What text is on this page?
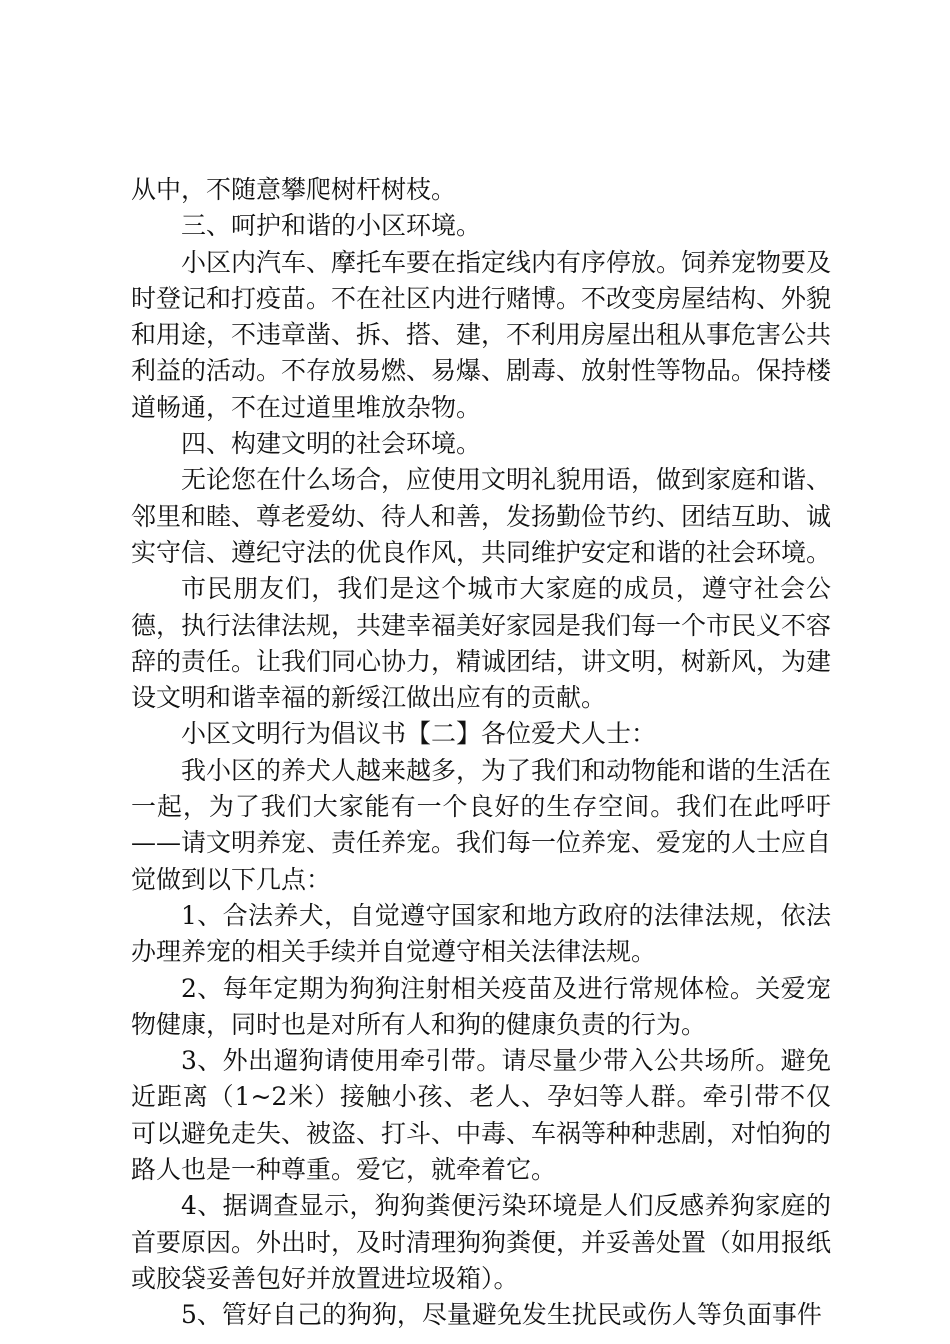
从中，不随意攀爬树杆树枝。

三、呵护和谐的小区环境。

小区内汽车、摩托车要在指定线内有序停放。饲养宠物要及时登记和打疫苗。不在社区内进行赌博。不改变房屋结构、外貌和用途，不违章凿、拆、搭、建，不利用房屋出租从事危害公共利益的活动。不存放易燃、易爆、剧毒、放射性等物品。保持楼道畅通，不在过道里堆放杂物。

四、构建文明的社会环境。

无论您在什么场合，应使用文明礼貌用语，做到家庭和谐、邻里和睦、尊老爱幼、待人和善，发扬勤俭节约、团结互助、诚实守信、遵纪守法的优良作风，共同维护安定和谐的社会环境。

市民朋友们，我们是这个城市大家庭的成员，遵守社会公德，执行法律法规，共建幸福美好家园是我们每一个市民义不容辞的责任。让我们同心协力，精诚团结，讲文明，树新风，为建设文明和谐幸福的新绥江做出应有的贡献。

小区文明行为倡议书【二】各位爱犬人士：

我小区的养犬人越来越多，为了我们和动物能和谐的生活在一起，为了我们大家能有一个良好的生存空间。我们在此呼吁——请文明养宠、责任养宠。我们每一位养宠、爱宠的人士应自觉做到以下几点：

1、合法养犬，自觉遵守国家和地方政府的法律法规，依法办理养宠的相关手续并自觉遵守相关法律法规。

2、每年定期为狗狗注射相关疫苗及进行常规体检。关爱宠物健康，同时也是对所有人和狗的健康负责的行为。

3、外出遛狗请使用牵引带。请尽量少带入公共场所。避免近距离（1~2米）接触小孩、老人、孕妇等人群。牵引带不仅可以避免走失、被盗、打斗、中毒、车祸等种种悲剧，对怕狗的路人也是一种尊重。爱它，就牵着它。

4、据调查显示，狗狗粪便污染环境是人们反感养狗家庭的首要原因。外出时，及时清理狗狗粪便，并妥善处置（如用报纸或胶袋妥善包好并放置进垃圾箱）。

5、管好自己的狗狗，尽量避免发生扰民或伤人等负面事件
